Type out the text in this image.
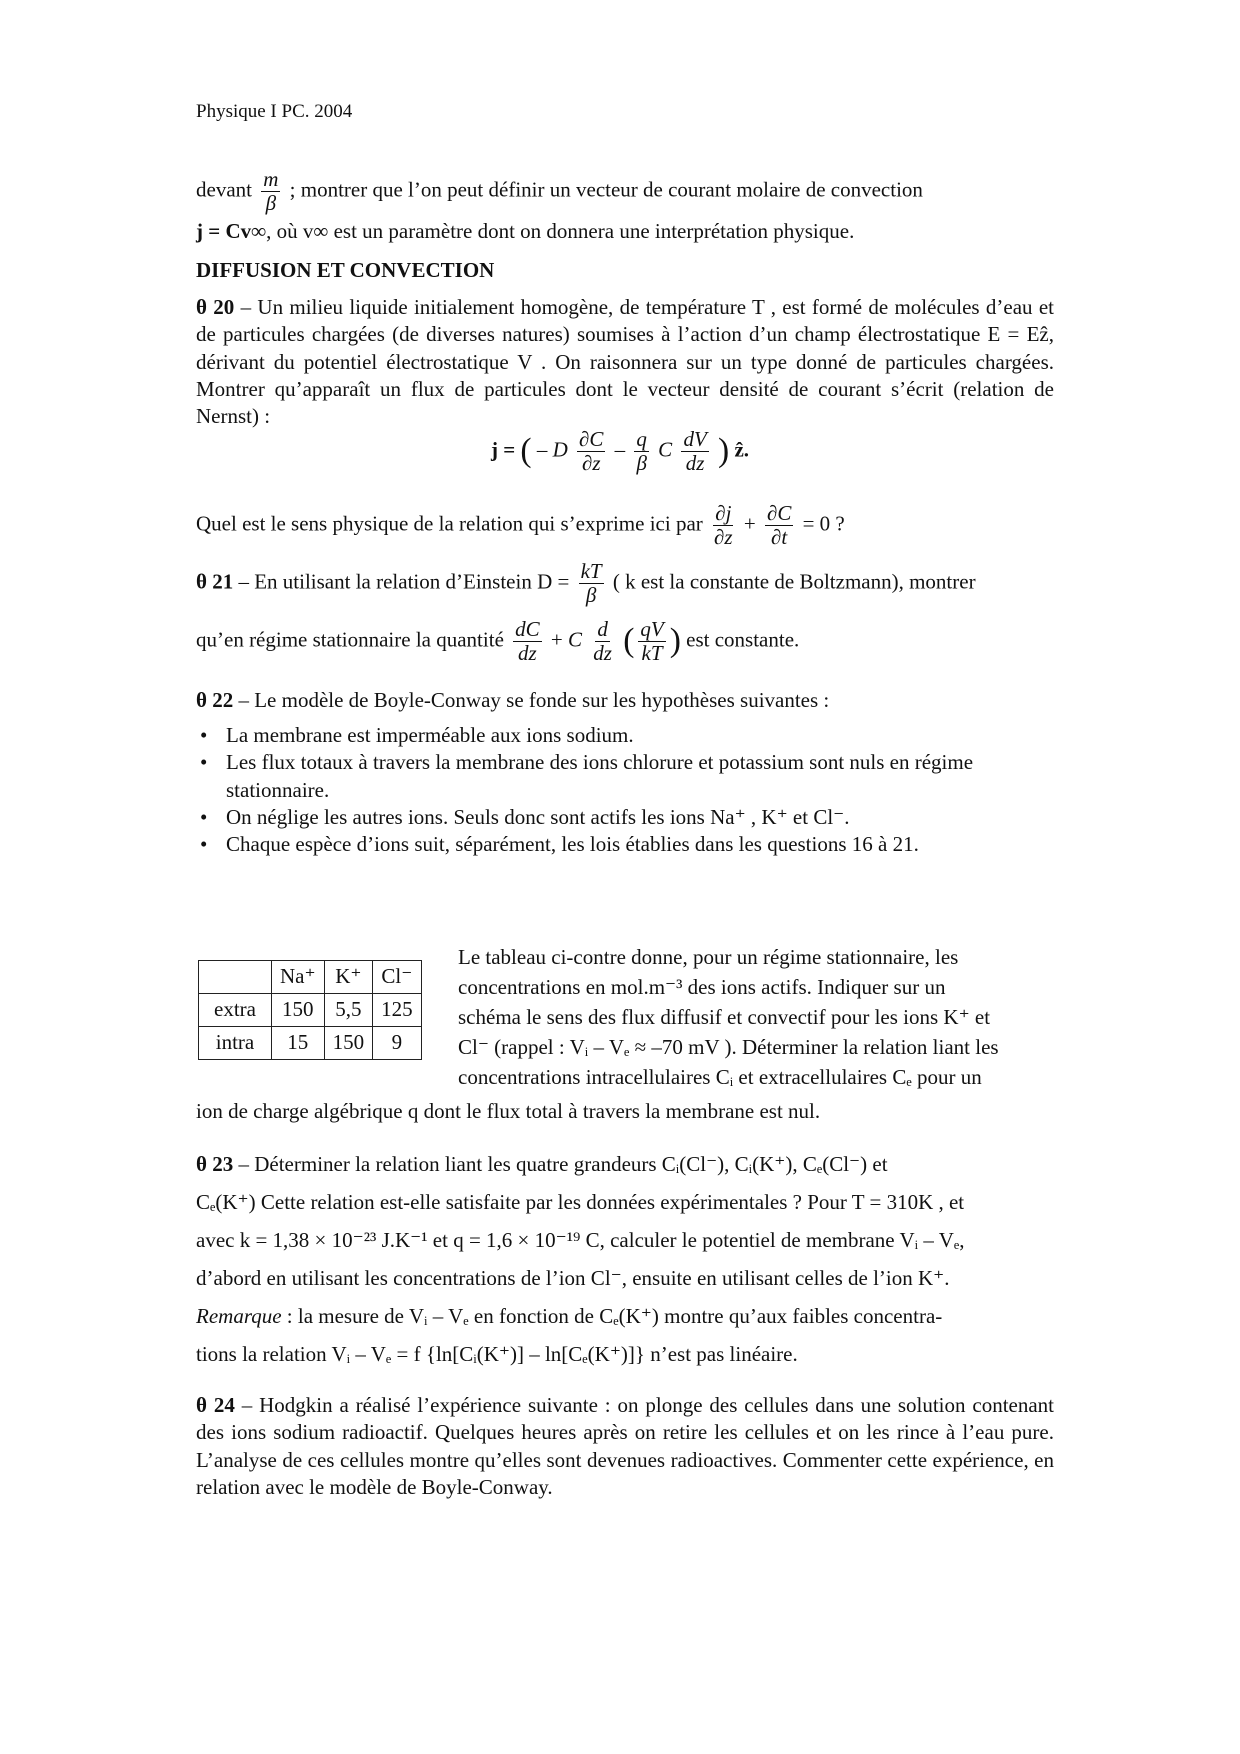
Physique I PC. 2004
devant $\frac{m}{\beta}$ ; montrer que l’on peut définir un vecteur de courant molaire de convection
j = Cv∞, où v∞ est un paramètre dont on donnera une interprétation physique.
DIFFUSION ET CONVECTION
θ 20 – Un milieu liquide initialement homogène, de température T , est formé de molécules d’eau et de particules chargées (de diverses natures) soumises à l’action d’un champ électrostatique E = Eẑ, dérivant du potentiel électrostatique V . On raisonnera sur un type donné de particules chargées. Montrer qu’apparaît un flux de particules dont le vecteur densité de courant s’écrit (relation de Nernst) :
j = ( – D $\frac{\partial C}{\partial z} - \frac{q}{\beta}$ C $\frac{dV}{dz}$ ) ẑ.
Quel est le sens physique de la relation qui s’exprime ici par $\frac{\partial j}{\partial z} + \frac{\partial C}{\partial t} = 0$ ?
θ 21 – En utilisant la relation d’Einstein $D = \frac{kT}{\beta}$ ( k est la constante de Boltzmann), montrer
qu’en régime stationnaire la quantité $\frac{dC}{dz} + C \frac{d}{dz}$ ( $\frac{qV}{kT}$ ) est constante.
θ 22 – Le modèle de Boyle-Conway se fonde sur les hypothèses suivantes :
• La membrane est imperméable aux ions sodium.
• Les flux totaux à travers la membrane des ions chlorure et potassium sont nuls en régime stationnaire.
• On néglige les autres ions. Seuls donc sont actifs les ions Na⁺ , K⁺ et Cl⁻.
• Chaque espèce d’ions suit, séparément, les lois établies dans les questions 16 à 21.
	Na⁺	K⁺	Cl⁻
extra	150	5,5	125
intra	15	150	9
Le tableau ci-contre donne, pour un régime stationnaire, les
concentrations en mol.m⁻³ des ions actifs. Indiquer sur un
schéma le sens des flux diffusif et convectif pour les ions K⁺ et
Cl⁻ (rappel : Vᵢ – Vₑ ≈ –70 mV ). Déterminer la relation liant les
concentrations intracellulaires Cᵢ et extracellulaires Cₑ pour un
ion de charge algébrique q dont le flux total à travers la membrane est nul.
θ 23 – Déterminer la relation liant les quatre grandeurs Cᵢ(Cl⁻), Cᵢ(K⁺), Cₑ(Cl⁻) et
Cₑ(K⁺) Cette relation est-elle satisfaite par les données expérimentales ? Pour T = 310K , et
avec k = 1,38 × 10⁻²³ J.K⁻¹ et q = 1,6 × 10⁻¹⁹ C, calculer le potentiel de membrane Vᵢ – Vₑ,
d’abord en utilisant les concentrations de l’ion Cl⁻, ensuite en utilisant celles de l’ion K⁺.
Remarque : la mesure de Vᵢ – Vₑ en fonction de Cₑ(K⁺) montre qu’aux faibles concentra-
tions la relation Vᵢ – Vₑ = f {ln[Cᵢ(K⁺)] – ln[Cₑ(K⁺)]} n’est pas linéaire.
θ 24 – Hodgkin a réalisé l’expérience suivante : on plonge des cellules dans une solution contenant des ions sodium radioactif. Quelques heures après on retire les cellules et on les rince à l’eau pure. L’analyse de ces cellules montre qu’elles sont devenues radioactives. Commenter cette expérience, en relation avec le modèle de Boyle-Conway.
